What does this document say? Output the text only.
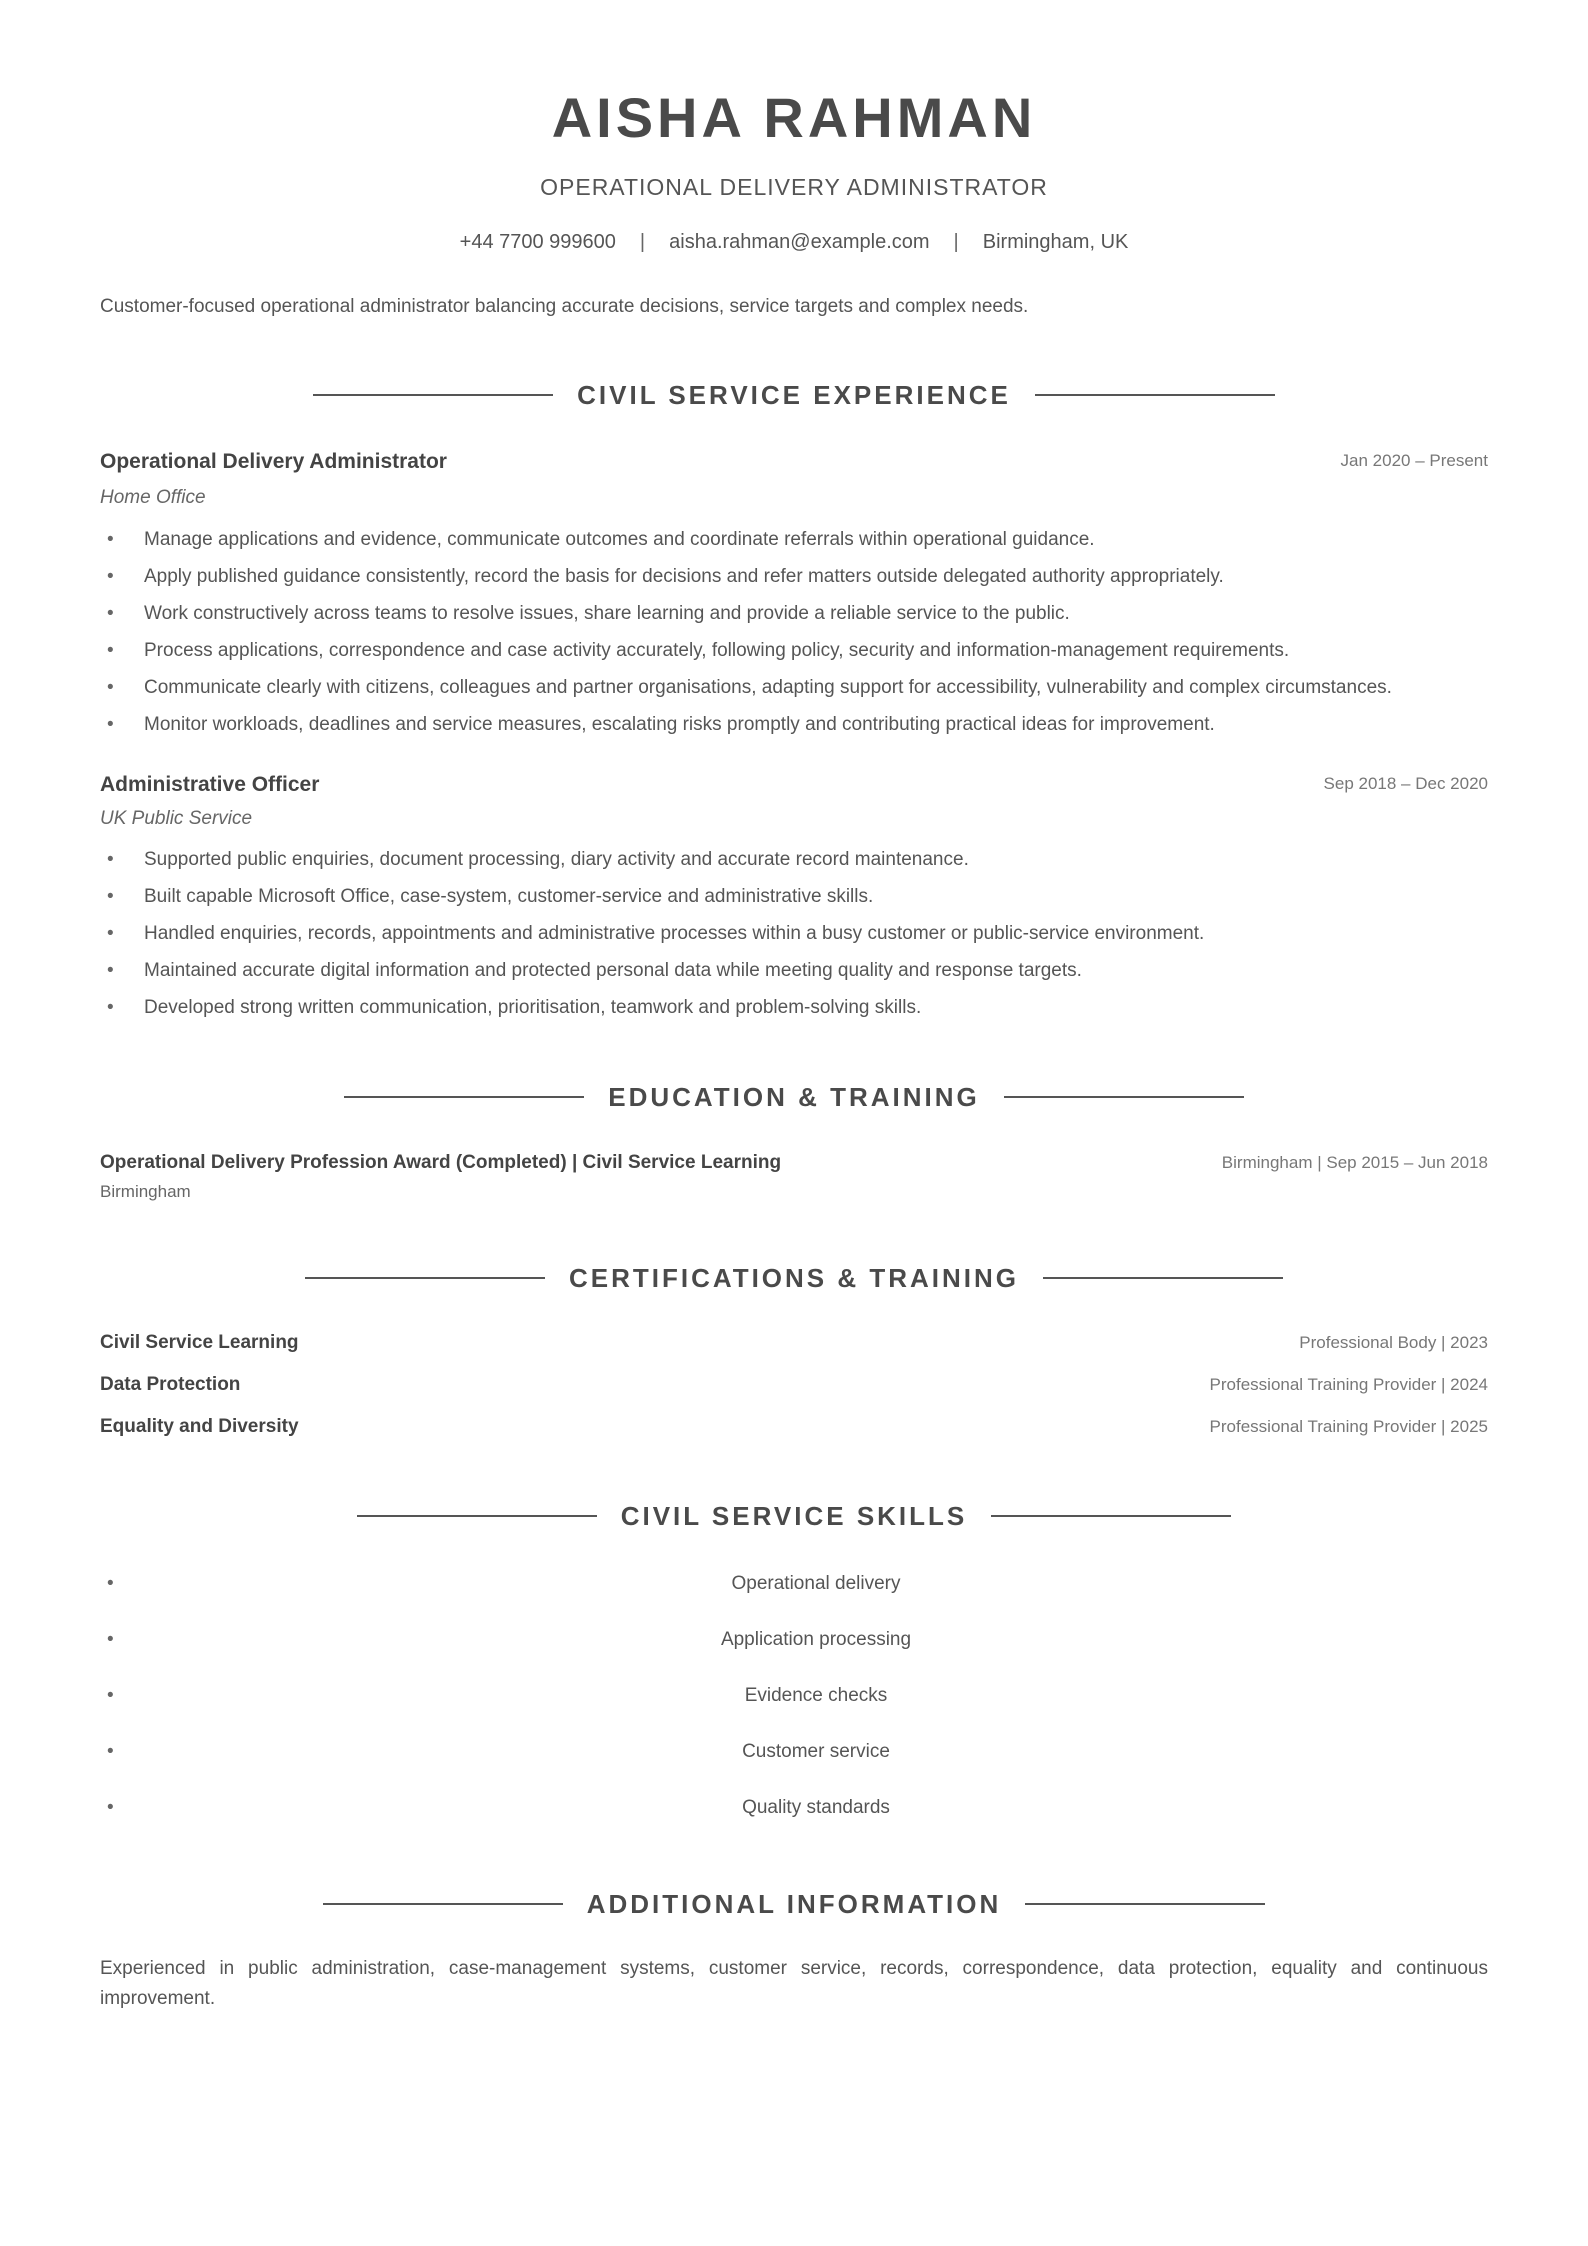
AISHA RAHMAN
OPERATIONAL DELIVERY ADMINISTRATOR
+44 7700 999600 | aisha.rahman@example.com | Birmingham, UK
Customer-focused operational administrator balancing accurate decisions, service targets and complex needs.
CIVIL SERVICE EXPERIENCE
Operational Delivery Administrator	Jan 2020 – Present
Home Office
• Manage applications and evidence, communicate outcomes and coordinate referrals within operational guidance.
• Apply published guidance consistently, record the basis for decisions and refer matters outside delegated authority appropriately.
• Work constructively across teams to resolve issues, share learning and provide a reliable service to the public.
• Process applications, correspondence and case activity accurately, following policy, security and information-management requirements.
• Communicate clearly with citizens, colleagues and partner organisations, adapting support for accessibility, vulnerability and complex circumstances.
• Monitor workloads, deadlines and service measures, escalating risks promptly and contributing practical ideas for improvement.
Administrative Officer	Sep 2018 – Dec 2020
UK Public Service
• Supported public enquiries, document processing, diary activity and accurate record maintenance.
• Built capable Microsoft Office, case-system, customer-service and administrative skills.
• Handled enquiries, records, appointments and administrative processes within a busy customer or public-service environment.
• Maintained accurate digital information and protected personal data while meeting quality and response targets.
• Developed strong written communication, prioritisation, teamwork and problem-solving skills.
EDUCATION & TRAINING
Operational Delivery Profession Award (Completed) | Civil Service Learning	Birmingham | Sep 2015 – Jun 2018
Birmingham
CERTIFICATIONS & TRAINING
Civil Service Learning	Professional Body | 2023
Data Protection	Professional Training Provider | 2024
Equality and Diversity	Professional Training Provider | 2025
CIVIL SERVICE SKILLS
•	Operational delivery
•	Application processing
•	Evidence checks
•	Customer service
•	Quality standards
ADDITIONAL INFORMATION
Experienced in public administration, case-management systems, customer service, records, correspondence, data protection, equality and continuous improvement.
